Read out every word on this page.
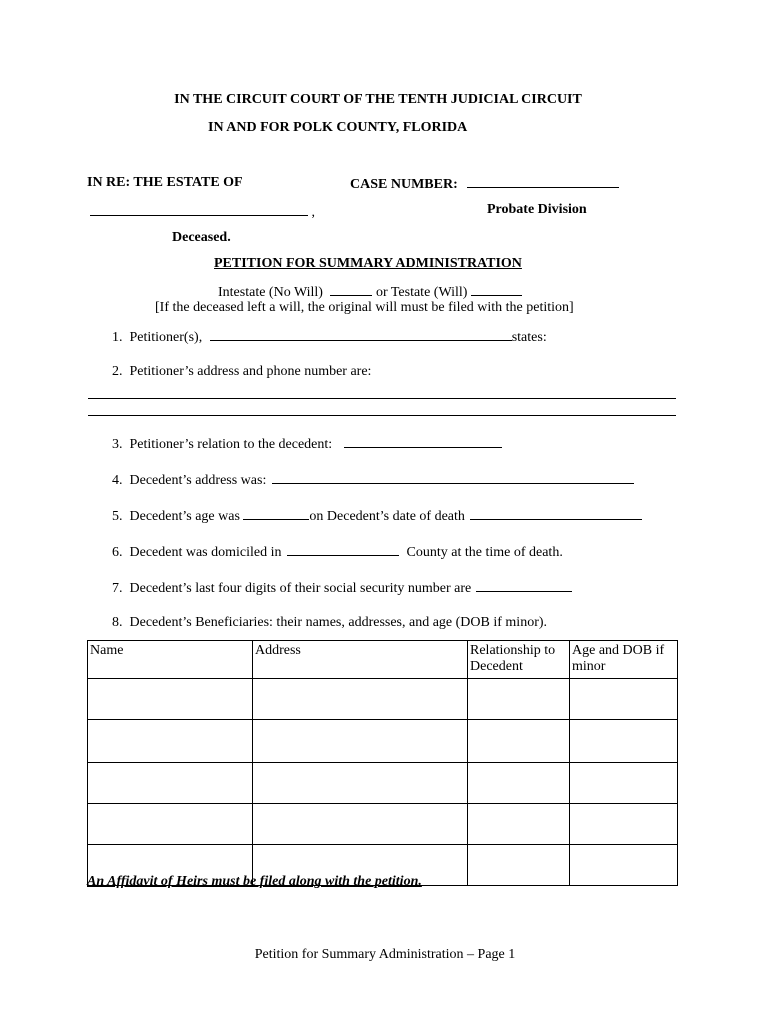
IN THE CIRCUIT COURT OF THE TENTH JUDICIAL CIRCUIT
IN AND FOR POLK COUNTY, FLORIDA
IN RE: THE ESTATE OF	CASE NUMBER:
,	Probate Division
Deceased.
PETITION FOR SUMMARY ADMINISTRATION
Intestate (No Will)	or Testate (Will)
[If the deceased left a will, the original will must be filed with the petition]
1. Petitioner(s),	states:
2. Petitioner’s address and phone number are:
3. Petitioner’s relation to the decedent:
4. Decedent’s address was:
5. Decedent’s age was	on Decedent’s date of death
6. Decedent was domiciled in	County at the time of death.
7. Decedent’s last four digits of their social security number are
8. Decedent’s Beneficiaries: their names, addresses, and age (DOB if minor).
Name	Address	Relationship to Decedent	Age and DOB if minor

An Affidavit of Heirs must be filed along with the petition.
Petition for Summary Administration – Page 1
